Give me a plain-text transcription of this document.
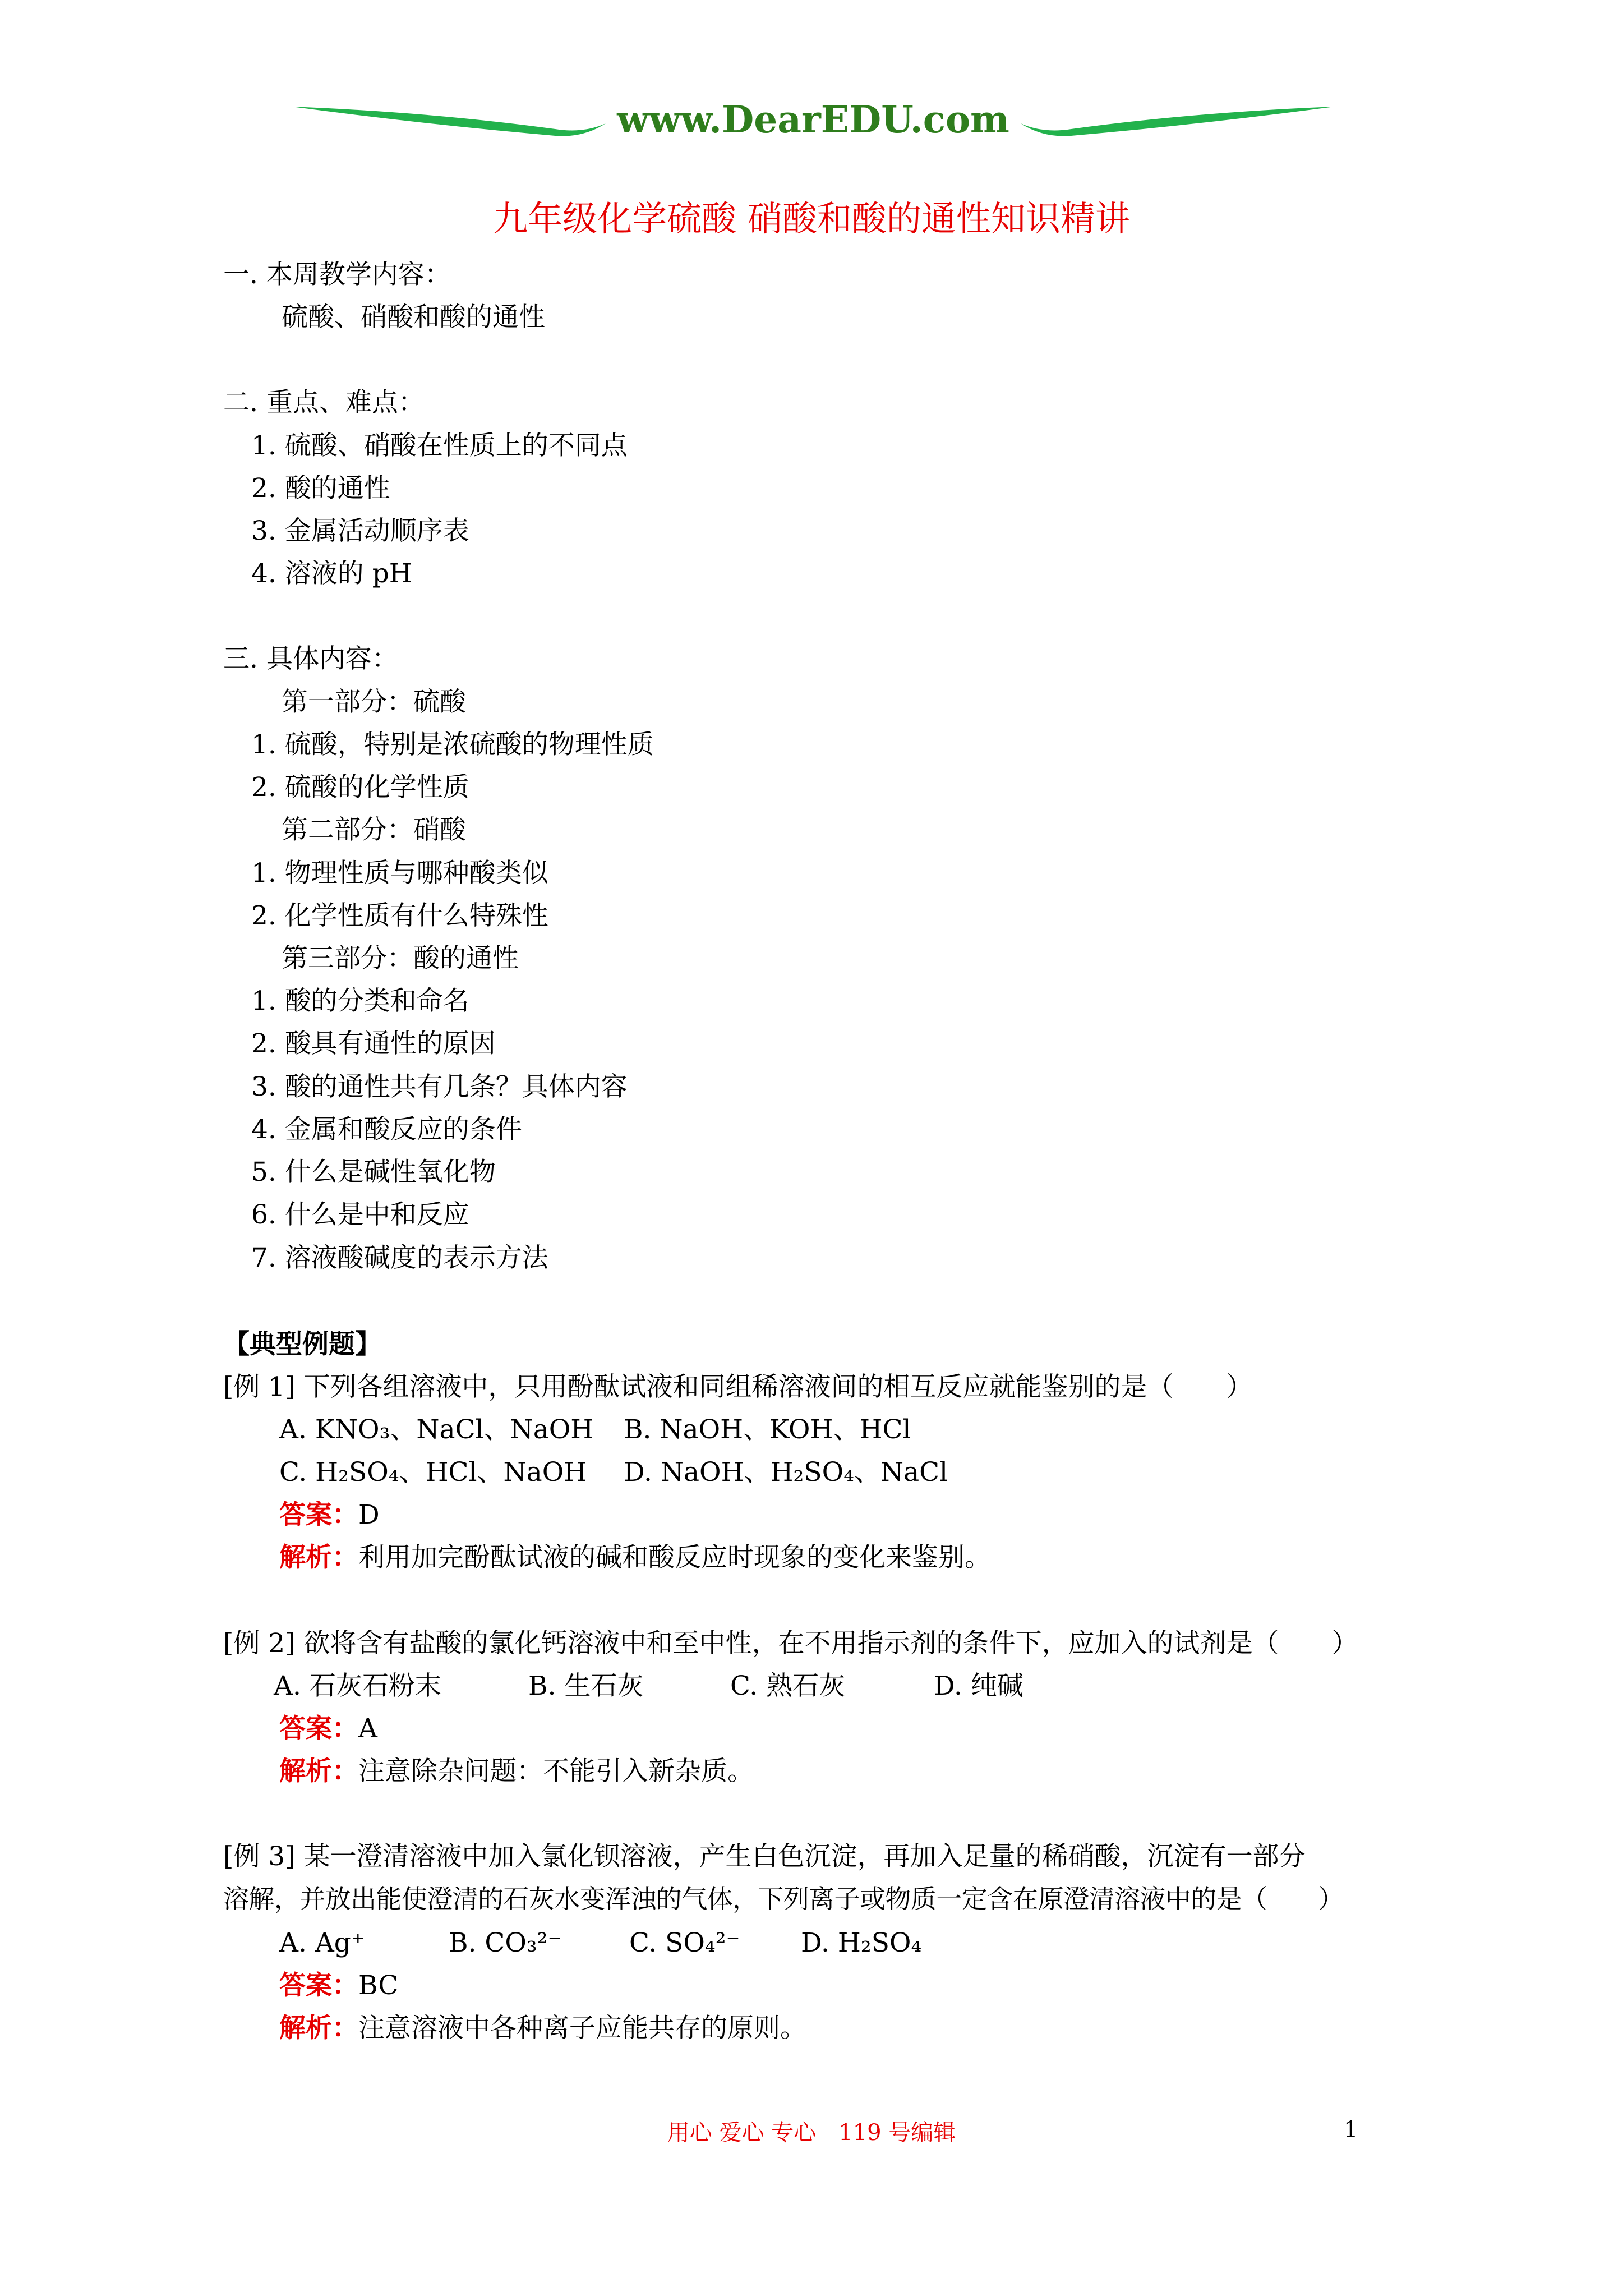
www.DearEDU.com
九年级化学硫酸 硝酸和酸的通性知识精讲
一. 本周教学内容：
硫酸、硝酸和酸的通性
二. 重点、难点：
1. 硫酸、硝酸在性质上的不同点
2. 酸的通性
3. 金属活动顺序表
4. 溶液的 pH
三. 具体内容：
第一部分：硫酸
1. 硫酸，特别是浓硫酸的物理性质
2. 硫酸的化学性质
第二部分：硝酸
1. 物理性质与哪种酸类似
2. 化学性质有什么特殊性
第三部分：酸的通性
1. 酸的分类和命名
2. 酸具有通性的原因
3. 酸的通性共有几条？具体内容
4. 金属和酸反应的条件
5. 什么是碱性氧化物
6. 什么是中和反应
7. 溶液酸碱度的表示方法
【典型例题】
[例 1] 下列各组溶液中，只用酚酞试液和同组稀溶液间的相互反应就能鉴别的是（　　）
A. KNO₃、NaCl、NaOH B. NaOH、KOH、HCl
C. H₂SO₄、HCl、NaOH D. NaOH、H₂SO₄、NaCl
答案：D
解析：利用加完酚酞试液的碱和酸反应时现象的变化来鉴别。
[例 2] 欲将含有盐酸的氯化钙溶液中和至中性，在不用指示剂的条件下，应加入的试剂是（　　）
A. 石灰石粉末	B. 生石灰	C. 熟石灰	D. 纯碱
答案：A
解析：注意除杂问题：不能引入新杂质。
[例 3] 某一澄清溶液中加入氯化钡溶液，产生白色沉淀，再加入足量的稀硝酸，沉淀有一部分
溶解，并放出能使澄清的石灰水变浑浊的气体，下列离子或物质一定含在原澄清溶液中的是（　　）
A. Ag⁺	B. CO₃²⁻	C. SO₄²⁻ D. H₂SO₄
答案：BC
解析：注意溶液中各种离子应能共存的原则。
用心 爱心 专心　119 号编辑	1
